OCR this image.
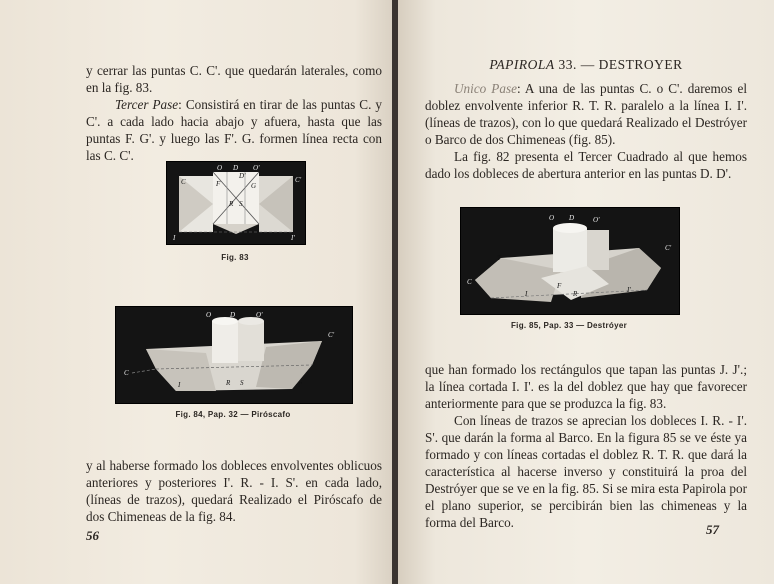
y cerrar las puntas C. C'. que quedarán laterales, como en la fig. 83.

Tercer Pase: Consistirá en tirar de las puntas C. y C'. a cada lado hacia abajo y afuera, hasta que las puntas F. G'. y luego las F'. G. formen línea recta con las C. C'.

C
D
O	O'
C'
F	G
R S
I	I'
D'
Fig. 83
O	D	O'
C'
C
I	R S	I'
Fig. 84, Pap. 32 — Piróscafo

y al haberse formado los dobleces envolventes oblicuos anteriores y posteriores I'. R. - I. S'. en cada lado, (líneas de trazos), quedará Realizado el Piróscafo de dos Chimeneas de la fig. 84.

56
PAPIROLA 33. — DESTROYER

Unico Pase: A una de las puntas C. o C'. daremos el doblez envolvente inferior R. T. R. paralelo a la línea I. I'. (líneas de trazos), con lo que quedará Realizado el Destróyer o Barco de dos Chimeneas (fig. 85).

La fig. 82 presenta el Tercer Cuadrado al que hemos dado los dobleces de abertura anterior en las puntas D. D'.

O D	O'
C'
C
T
R
I	I'
F
Fig. 85, Pap. 33 — Destróyer

que han formado los rectángulos que tapan las puntas J. J'.; la línea cortada I. I'. es la del doblez que hay que favorecer anteriormente para que se produzca la fig. 83.

Con líneas de trazos se aprecian los dobleces I. R. - I'. S'. que darán la forma al Barco. En la figura 85 se ve éste ya formado y con líneas cortadas el doblez R. T. R. que dará la característica al hacerse inverso y constituirá la proa del Destróyer que se ve en la fig. 85. Si se mira esta Papirola por el plano superior, se percibirán bien las chimeneas y la forma del Barco.	57
